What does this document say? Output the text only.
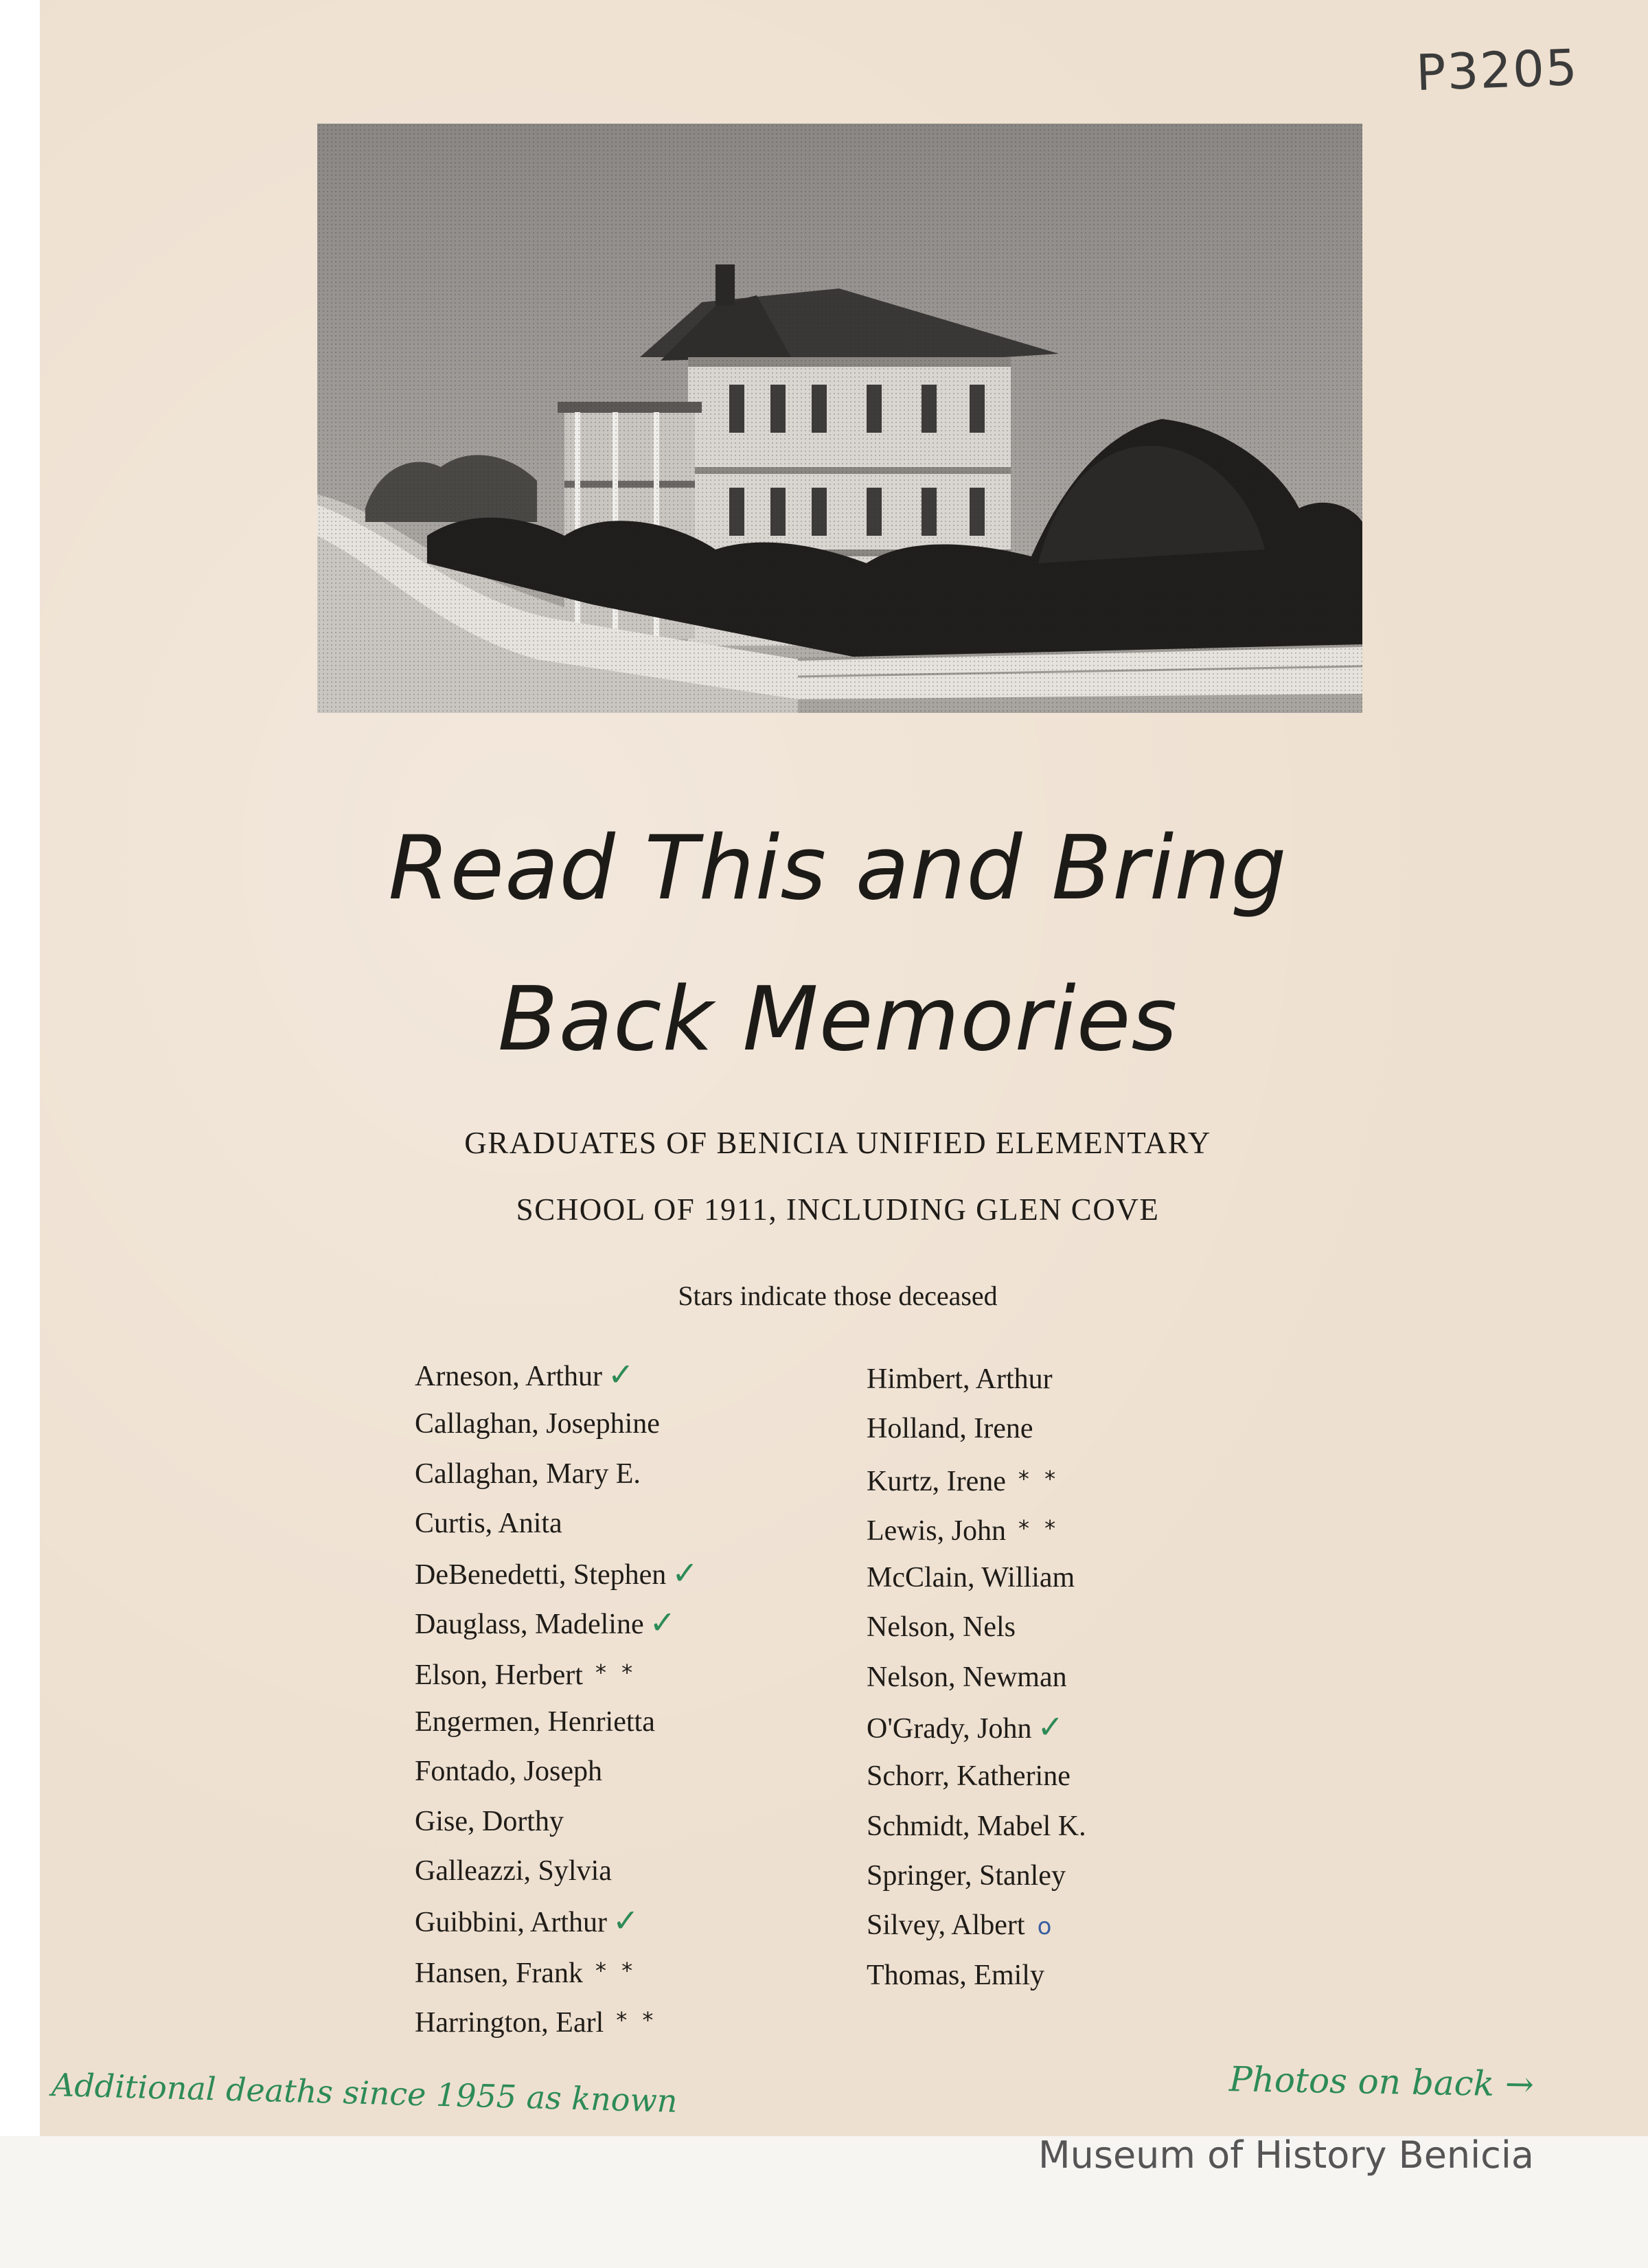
P3205
Read This and Bring
Back Memories
GRADUATES OF BENICIA UNIFIED ELEMENTARY
SCHOOL OF 1911, INCLUDING GLEN COVE
Stars indicate those deceased
Arneson, Arthur ✓
Callaghan, Josephine
Callaghan, Mary E.
Curtis, Anita
DeBenedetti, Stephen ✓
Dauglass, Madeline ✓
Elson, Herbert * *
Engermen, Henrietta
Fontado, Joseph
Gise, Dorthy
Galleazzi, Sylvia
Guibbini, Arthur ✓
Hansen, Frank * *
Harrington, Earl * *
Himbert, Arthur
Holland, Irene
Kurtz, Irene * *
Lewis, John * *
McClain, William
Nelson, Nels
Nelson, Newman
O'Grady, John ✓
Schorr, Katherine
Schmidt, Mabel K.
Springer, Stanley
Silvey, Albert o
Thomas, Emily
Additional deaths since 1955 as known	Photos on back →
Museum of History Benicia
